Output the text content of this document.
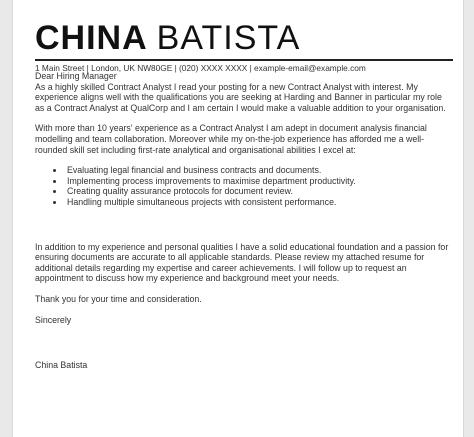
CHINA BATISTA
1 Main Street | London, UK NW80GE | (020) XXXX XXXX | example-email@example.com

Dear Hiring Manager

As a highly skilled Contract Analyst I read your posting for a new Contract Analyst with interest. My experience aligns well with the qualifications you are seeking at Harding and Banner in particular my role as a Contract Analyst at QualCorp and I am certain I would make a valuable addition to your organisation.

With more than 10 years' experience as a Contract Analyst I am adept in document analysis financial modelling and team collaboration. Moreover while my on-the-job experience has afforded me a well-rounded skill set including first-rate analytical and organisational abilities I excel at:

• Evaluating legal financial and business contracts and documents.
• Implementing process improvements to maximise department productivity.
• Creating quality assurance protocols for document review.
• Handling multiple simultaneous projects with consistent performance.

In addition to my experience and personal qualities I have a solid educational foundation and a passion for ensuring documents are accurate to all applicable standards. Please review my attached resume for additional details regarding my expertise and career achievements. I will follow up to request an appointment to discuss how my experience and background meet your needs.

Thank you for your time and consideration.

Sincerely

China Batista
